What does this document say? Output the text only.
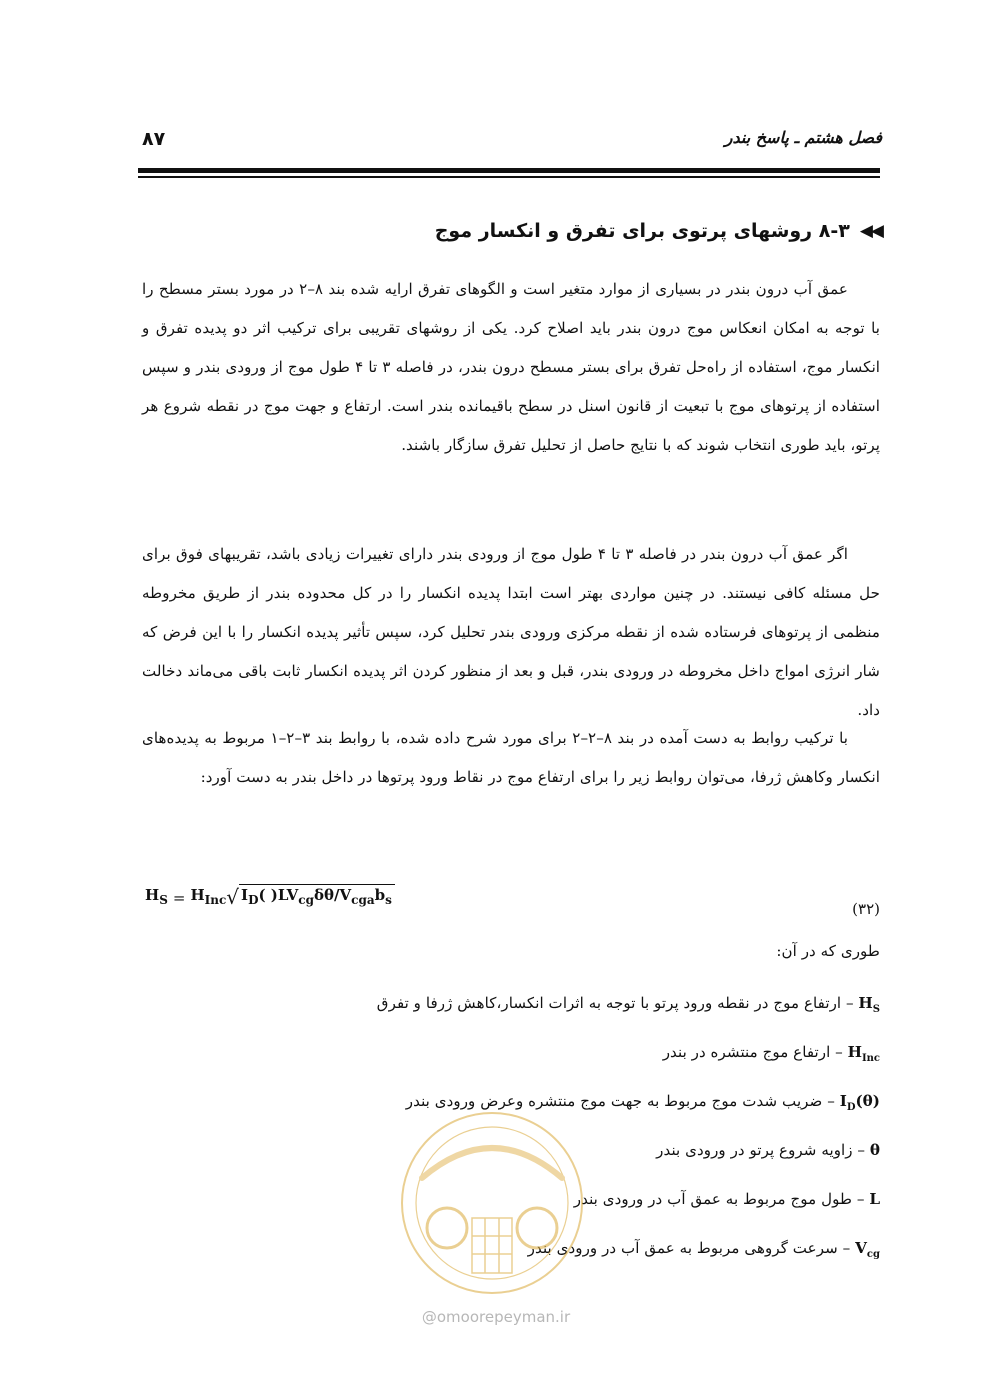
۸۷	فصل هشتم ـ پاسخ بندر
◀◀
۸-۳ روشهای پرتوی برای تفرق و انکسار موج

عمق آب درون بندر در بسیاری از موارد متغیر است و الگوهای تفرق ارایه شده بند ۸–۲ در مورد بستر مسطح را با توجه به امکان انعکاس موج درون بندر باید اصلاح کرد. یکی از روشهای تقریبی برای ترکیب اثر دو پدیده تفرق و انکسار موج، استفاده از راه‌حل تفرق برای بستر مسطح درون بندر، در فاصله ۳ تا ۴ طول موج از ورودی بندر و سپس استفاده از پرتوهای موج با تبعیت از قانون اسنل در سطح باقیمانده بندر است. ارتفاع و جهت موج در نقطه شروع هر پرتو، باید طوری انتخاب شوند که با نتایج حاصل از تحلیل تفرق سازگار باشند.

اگر عمق آب درون بندر در فاصله ۳ تا ۴ طول موج از ورودی بندر دارای تغییرات زیادی باشد، تقریبهای فوق برای حل مسئله کافی نیستند. در چنین مواردی بهتر است ابتدا پدیده انکسار را در کل محدوده بندر از طریق مخروطه منظمی از پرتوهای فرستاده شده از نقطه مرکزی ورودی بندر تحلیل کرد، سپس تأثیر پدیده انکسار را با این فرض که شار انرژی امواج داخل مخروطه در ورودی بندر، قبل و بعد از منظور کردن اثر پدیده انکسار ثابت باقی می‌ماند دخالت داد.

با ترکیب روابط به دست آمده در بند ۸–۲–۲ برای مورد شرح داده شده، با روابط بند ۳–۲–۱ مربوط به پدیده‌های انکسار وکاهش ژرفا، می‌توان روابط زیر را برای ارتفاع موج در نقاط ورود پرتوها در داخل بندر به دست آورد:

$H_S = H_{Inc}$ √ $I_D$( )$LV_{cg}\delta\theta/V_{cga}b_s$	(۳۲)
طوری که در آن:
$H_S$ – ارتفاع موج در نقطه ورود پرتو با توجه به اثرات انکسار،کاهش ژرفا و تفرق
$H_{Inc}$ – ارتفاع موج منتشره در بندر
$I_D(\theta)$ – ضریب شدت موج مربوط به جهت موج منتشره وعرض ورودی بندر
θ – زاویه شروع پرتو در ورودی بندر
L – طول موج مربوط به عمق آب در ورودی بندر
$V_{cg}$ – سرعت گروهی مربوط به عمق آب در ورودی بندر
@omoorepeyman.ir
